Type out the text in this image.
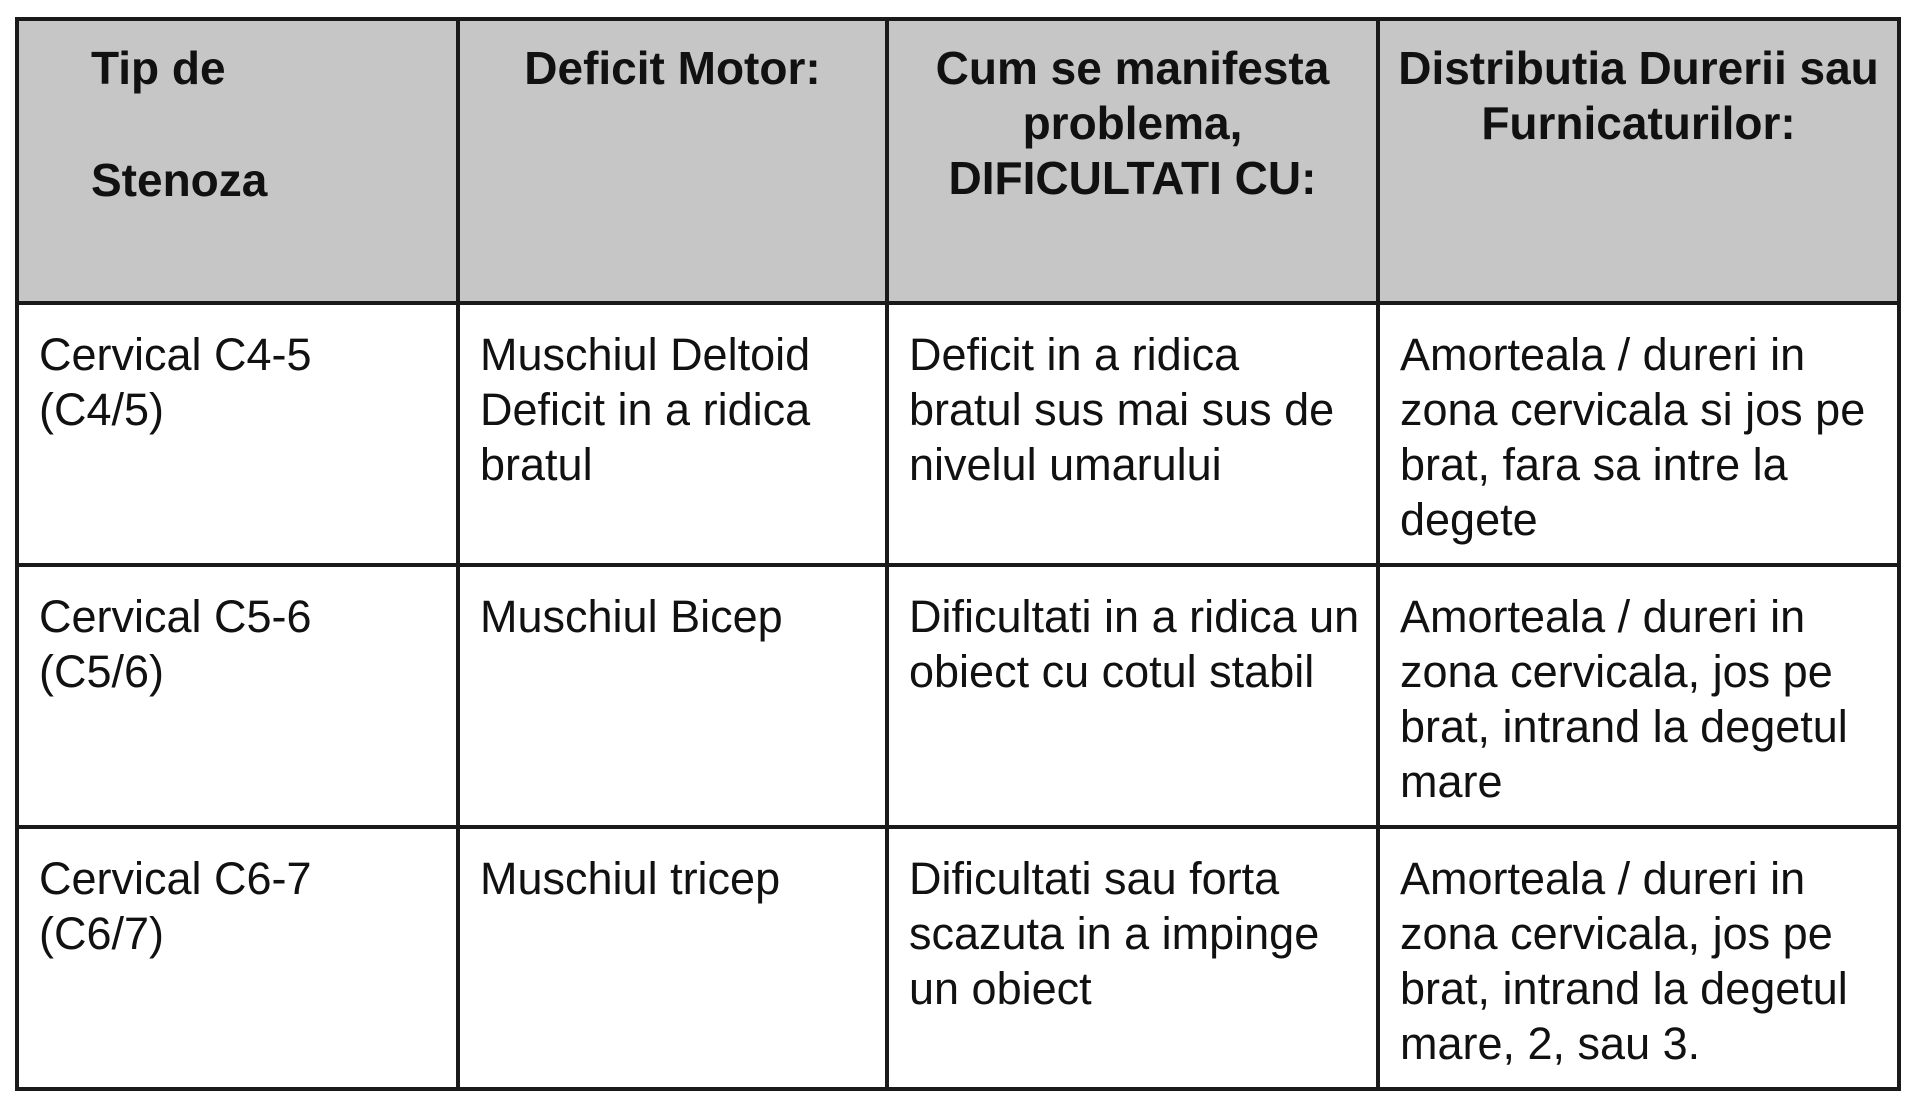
Tip de
Stenoza	Deficit Motor:	Cum se manifesta problema, DIFICULTATI CU:	Distributia Durerii sau Furnicaturilor:
Cervical C4-5 (C4/5)	Muschiul Deltoid Deficit in a ridica bratul	Deficit in a ridica bratul sus mai sus de nivelul umarului	Amorteala / dureri in zona cervicala si jos pe brat, fara sa intre la degete
Cervical C5-6 (C5/6)	Muschiul Bicep	Dificultati in a ridica un obiect cu cotul stabil	Amorteala / dureri in zona cervicala, jos pe brat, intrand la degetul mare
Cervical C6-7 (C6/7)	Muschiul tricep	Dificultati sau forta scazuta in a impinge un obiect	Amorteala / dureri in zona cervicala, jos pe brat, intrand la degetul mare, 2, sau 3.
